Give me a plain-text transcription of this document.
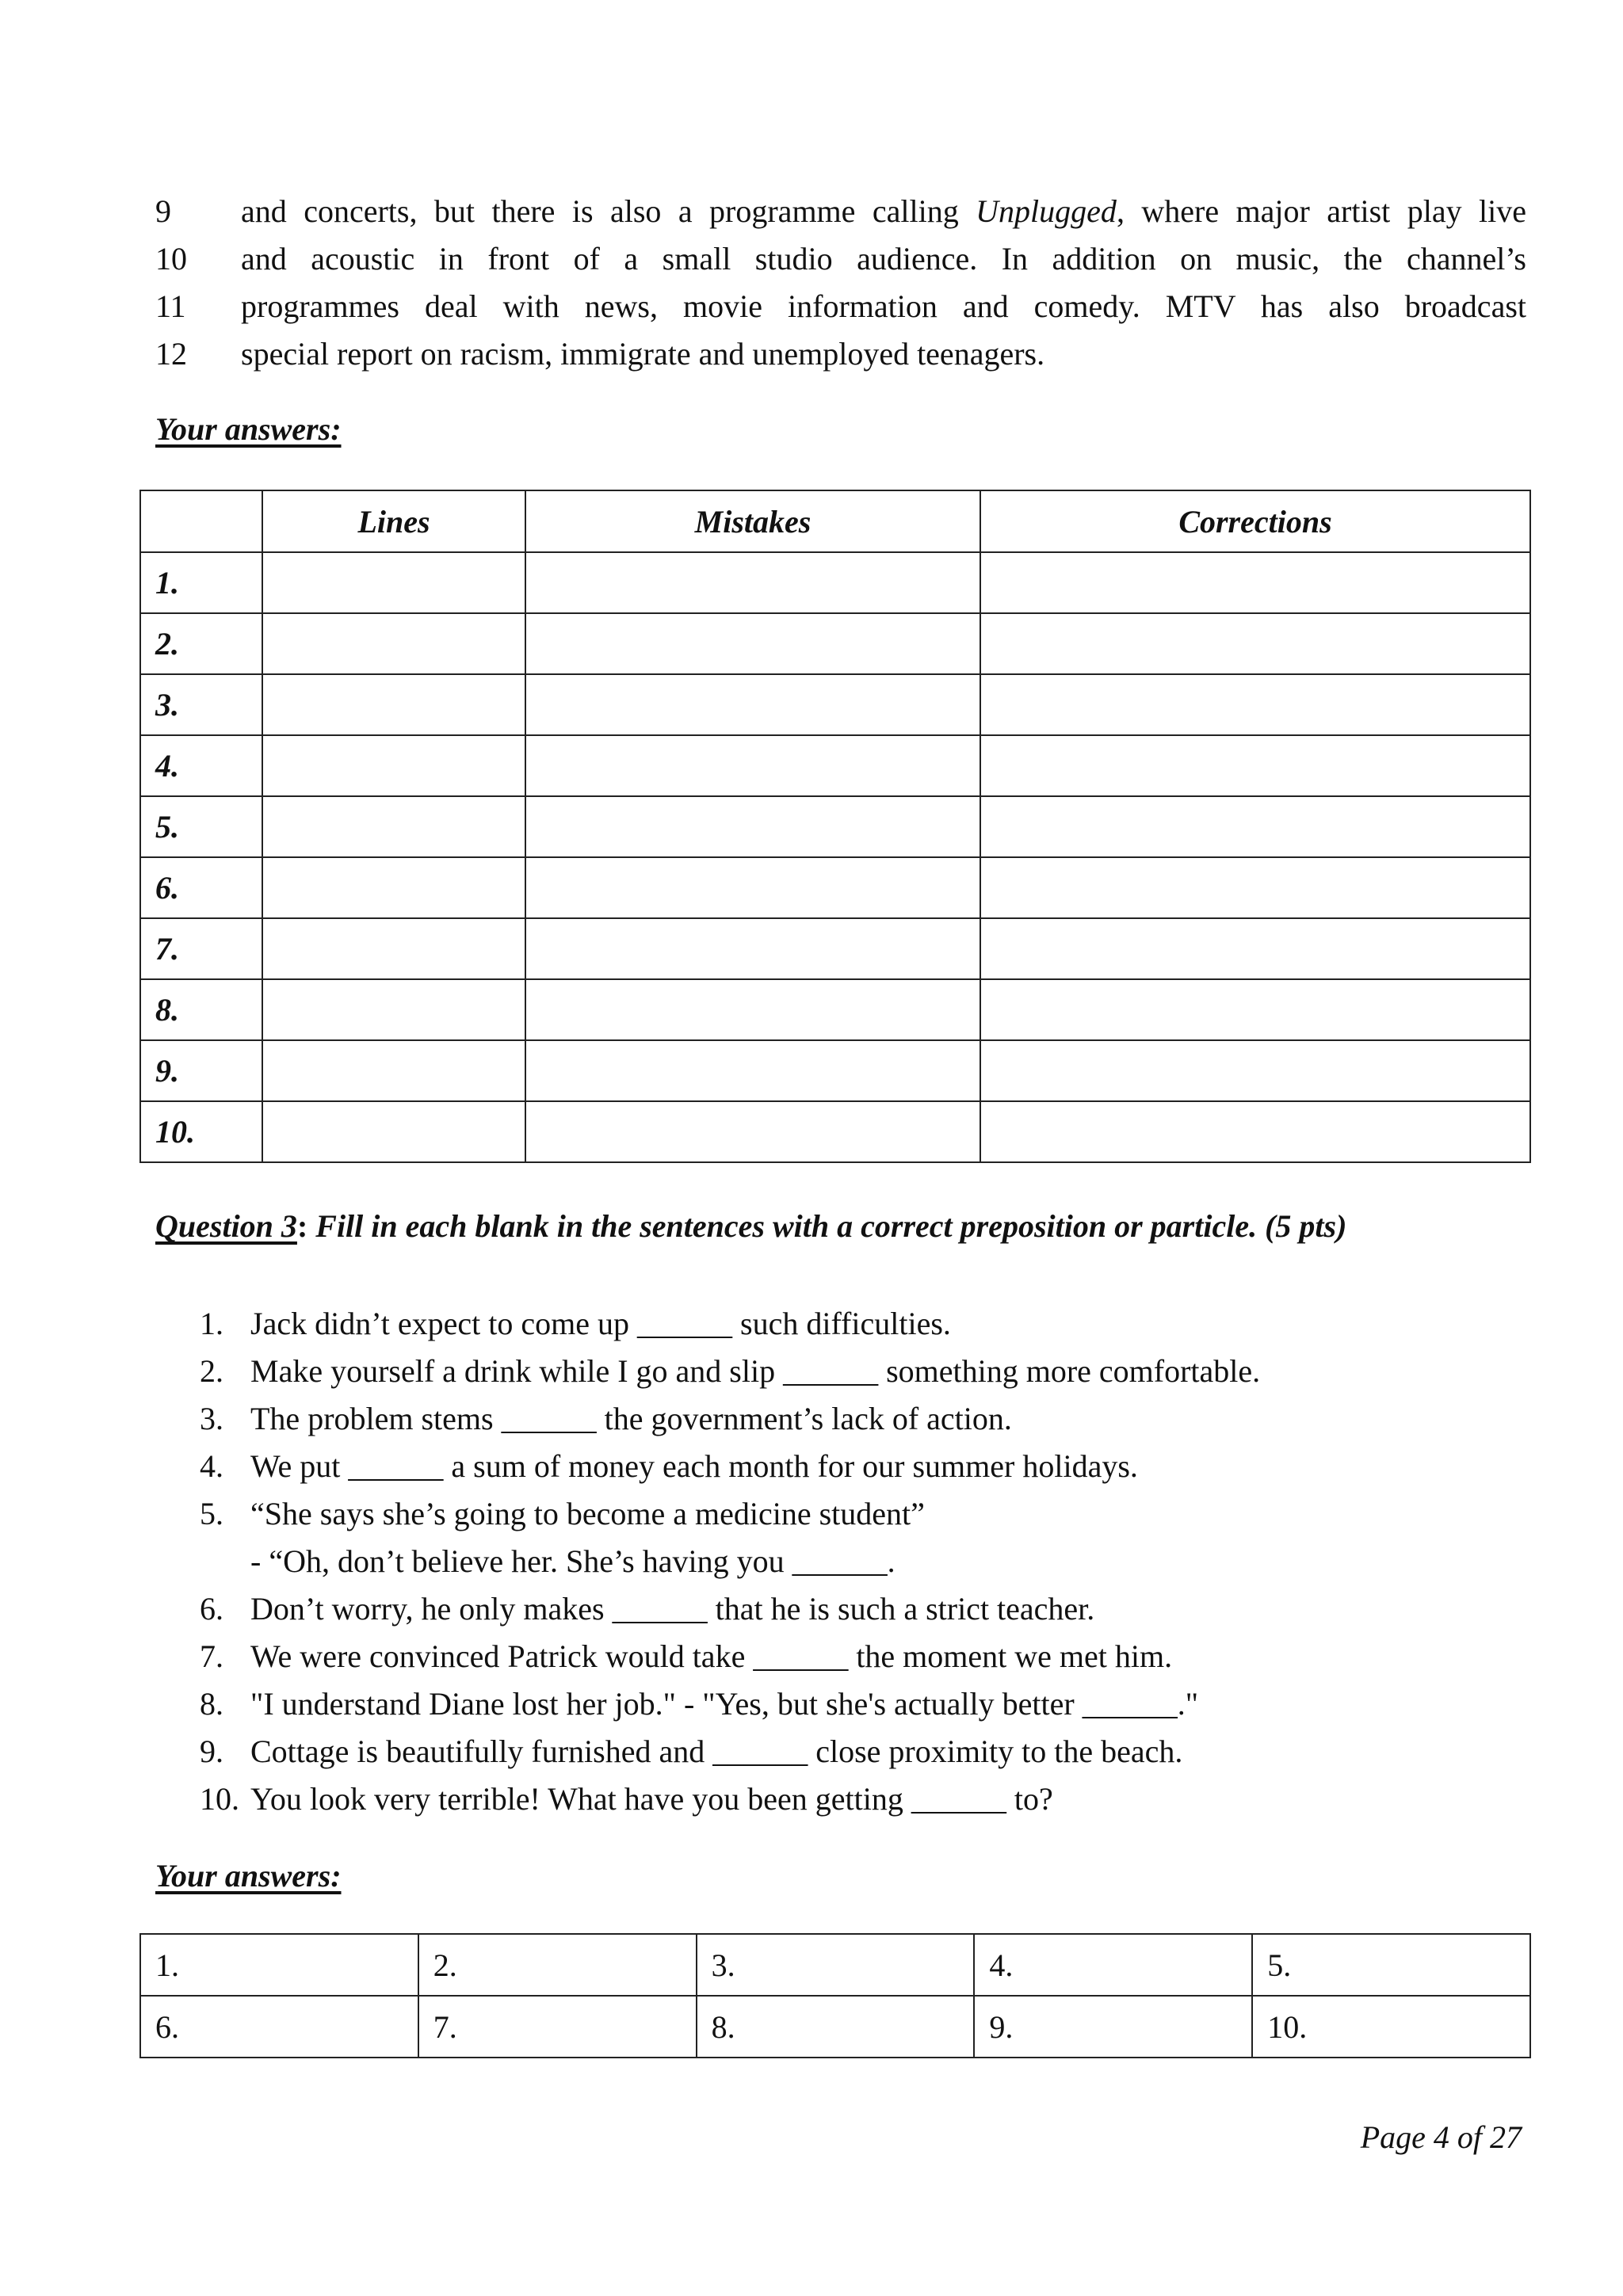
9	and concerts, but there is also a programme calling Unplugged, where major artist play live
10	and acoustic in front of a small studio audience. In addition on music, the channel’s
11	programmes deal with news, movie information and comedy. MTV has also broadcast
12	special report on racism, immigrate and unemployed teenagers.
Your answers:
	Lines	Mistakes	Corrections
1.			
2.			
3.			
4.			
5.			
6.			
7.			
8.			
9.			
10.			
Question 3: Fill in each blank in the sentences with a correct preposition or particle. (5 pts)
1. Jack didn’t expect to come up ______ such difficulties.
2. Make yourself a drink while I go and slip ______ something more comfortable.
3. The problem stems ______ the government’s lack of action.
4. We put ______ a sum of money each month for our summer holidays.
5. “She says she’s going to become a medicine student”
- “Oh, don’t believe her. She’s having you ______.
6. Don’t worry, he only makes ______ that he is such a strict teacher.
7. We were convinced Patrick would take ______ the moment we met him.
8. "I understand Diane lost her job." - "Yes, but she's actually better ______."
9. Cottage is beautifully furnished and ______ close proximity to the beach.
10. You look very terrible! What have you been getting ______ to?
Your answers:
1.	2.	3.	4.	5.
6.	7.	8.	9.	10.
Page 4 of 27
